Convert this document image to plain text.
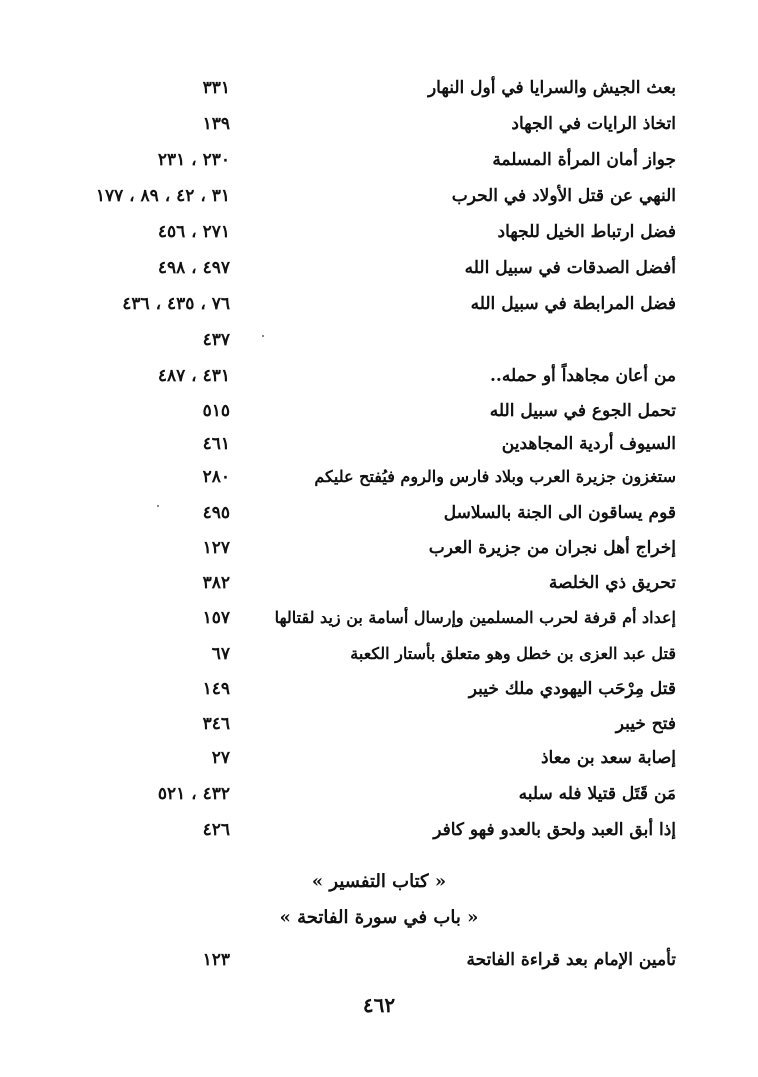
بعث الجيش والسرايا في أول النهار
٣٣١
اتخاذ الرايات في الجهاد
١٣٩
جواز أمان المرأة المسلمة
٢٣٠ ، ٢٣١
النهي عن قتل الأولاد في الحرب
٣١ ، ٤٢ ، ٨٩ ، ١٧٧
فضل ارتباط الخيل للجهاد
٢٧١ ، ٤٥٦
أفضل الصدقات في سبيل الله
٤٩٧ ، ٤٩٨
فضل المرابطة في سبيل الله
٧٦ ، ٤٣٥ ، ٤٣٦
٤٣٧
من أعان مجاهداً أو حمله..
٤٣١ ، ٤٨٧
تحمل الجوع في سبيل الله
٥١٥
السيوف أردية المجاهدين
٤٦١
ستغزون جزيرة العرب وبلاد فارس والروم فيُفتح عليكم
٢٨٠
قوم يساقون الى الجنة بالسلاسل
٤٩٥
إخراج أهل نجران من جزيرة العرب
١٢٧
تحريق ذي الخلصة
٣٨٢
إعداد أم قرفة لحرب المسلمين وإرسال أسامة بن زيد لقتالها
١٥٧
قتل عبد العزى بن خطل وهو متعلق بأستار الكعبة
٦٧
قتل مِرْحَب اليهودي ملك خيبر
١٤٩
فتح خيبر
٣٤٦
إصابة سعد بن معاذ
٢٧
مَن قَتَل قتيلا فله سلبه
٤٣٢ ، ٥٢١
إذا أبق العبد ولحق بالعدو فهو كافر
٤٢٦
« كتاب التفسير »
« باب في سورة الفاتحة »
تأمين الإمام بعد قراءة الفاتحة
١٢٣
٤٦٢
